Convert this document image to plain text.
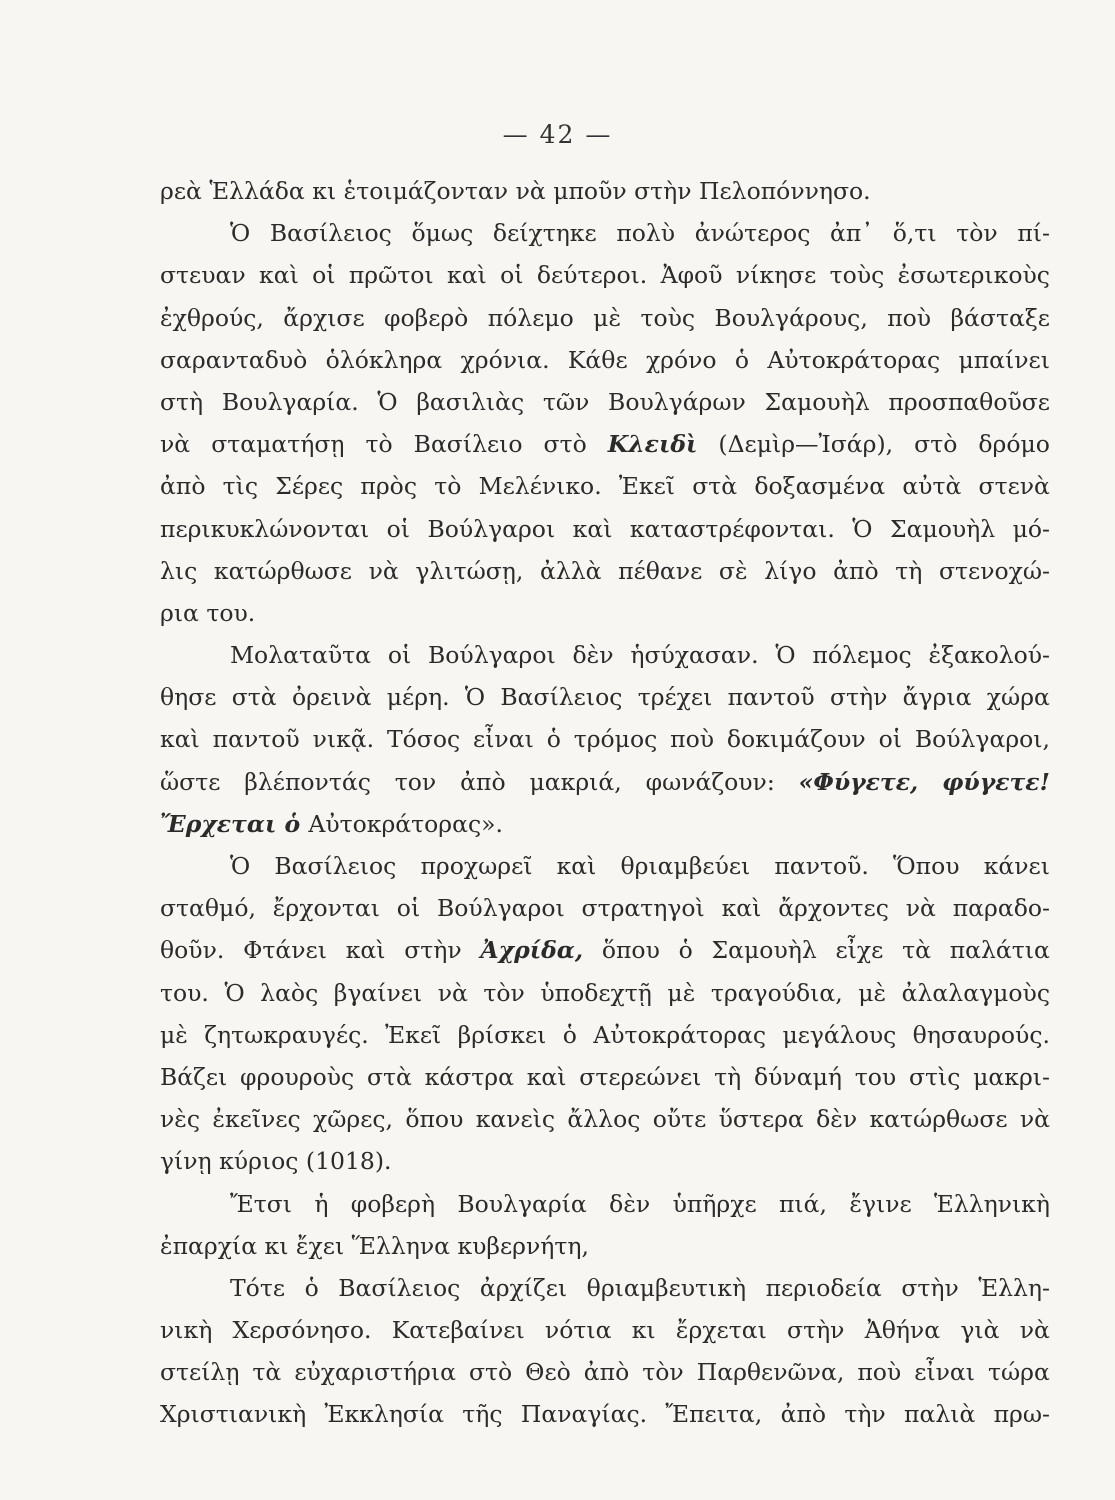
— 42 —
ρεὰ Ἑλλάδα κι ἑτοιμάζονταν νὰ μποῦν στὴν Πελοπόννησο.
Ὁ Βασίλειος ὅμως δείχτηκε πολὺ ἀνώτερος ἀπ᾽ ὅ,τι τὸν πί-
στευαν καὶ οἱ πρῶτοι καὶ οἱ δεύτεροι. Ἀφοῦ νίκησε τοὺς ἐσωτερικοὺς
ἐχθρούς, ἄρχισε φοβερὸ πόλεμο μὲ τοὺς Βουλγάρους, ποὺ βάσταξε
σαρανταδυὸ ὁλόκληρα χρόνια. Κάθε χρόνο ὁ Αὐτοκράτορας μπαίνει
στὴ Βουλγαρία. Ὁ βασιλιὰς τῶν Βουλγάρων Σαμουὴλ προσπαθοῦσε
νὰ σταματήσῃ τὸ Βασίλειο στὸ Κλειδὶ (Δεμὶρ—Ἰσάρ), στὸ δρόμο
ἀπὸ τὶς Σέρες πρὸς τὸ Μελένικο. Ἐκεῖ στὰ δοξασμένα αὐτὰ στενὰ
περικυκλώνονται οἱ Βούλγαροι καὶ καταστρέφονται. Ὁ Σαμουὴλ μό-
λις κατώρθωσε νὰ γλιτώσῃ, ἀλλὰ πέθανε σὲ λίγο ἀπὸ τὴ στενοχώ-
ρια του.
Μολαταῦτα οἱ Βούλγαροι δὲν ἡσύχασαν. Ὁ πόλεμος ἐξακολού-
θησε στὰ ὀρεινὰ μέρη. Ὁ Βασίλειος τρέχει παντοῦ στὴν ἄγρια χώρα
καὶ παντοῦ νικᾷ. Τόσος εἶναι ὁ τρόμος ποὺ δοκιμάζουν οἱ Βούλγαροι,
ὥστε βλέποντάς τον ἀπὸ μακριά, φωνάζουν: «Φύγετε, φύγετε!
Ἔρχεται ὁ Αὐτοκράτορας».
Ὁ Βασίλειος προχωρεῖ καὶ θριαμβεύει παντοῦ. Ὅπου κάνει
σταθμό, ἔρχονται οἱ Βούλγαροι στρατηγοὶ καὶ ἄρχοντες νὰ παραδο-
θοῦν. Φτάνει καὶ στὴν Ἀχρίδα, ὅπου ὁ Σαμουὴλ εἶχε τὰ παλάτια
του. Ὁ λαὸς βγαίνει νὰ τὸν ὑποδεχτῇ μὲ τραγούδια, μὲ ἀλαλαγμοὺς
μὲ ζητωκραυγές. Ἐκεῖ βρίσκει ὁ Αὐτοκράτορας μεγάλους θησαυρούς.
Βάζει φρουροὺς στὰ κάστρα καὶ στερεώνει τὴ δύναμή του στὶς μακρι-
νὲς ἐκεῖνες χῶρες, ὅπου κανεὶς ἄλλος οὔτε ὕστερα δὲν κατώρθωσε νὰ
γίνῃ κύριος (1018).
Ἔτσι ἡ φοβερὴ Βουλγαρία δὲν ὑπῆρχε πιά, ἔγινε Ἑλληνικὴ
ἐπαρχία κι ἔχει Ἕλληνα κυβερνήτη,
Τότε ὁ Βασίλειος ἀρχίζει θριαμβευτικὴ περιοδεία στὴν Ἑλλη-
νικὴ Χερσόνησο. Κατεβαίνει νότια κι ἔρχεται στὴν Ἀθήνα γιὰ νὰ
στείλῃ τὰ εὐχαριστήρια στὸ Θεὸ ἀπὸ τὸν Παρθενῶνα, ποὺ εἶναι τώρα
Χριστιανικὴ Ἐκκλησία τῆς Παναγίας. Ἔπειτα, ἀπὸ τὴν παλιὰ πρω-
